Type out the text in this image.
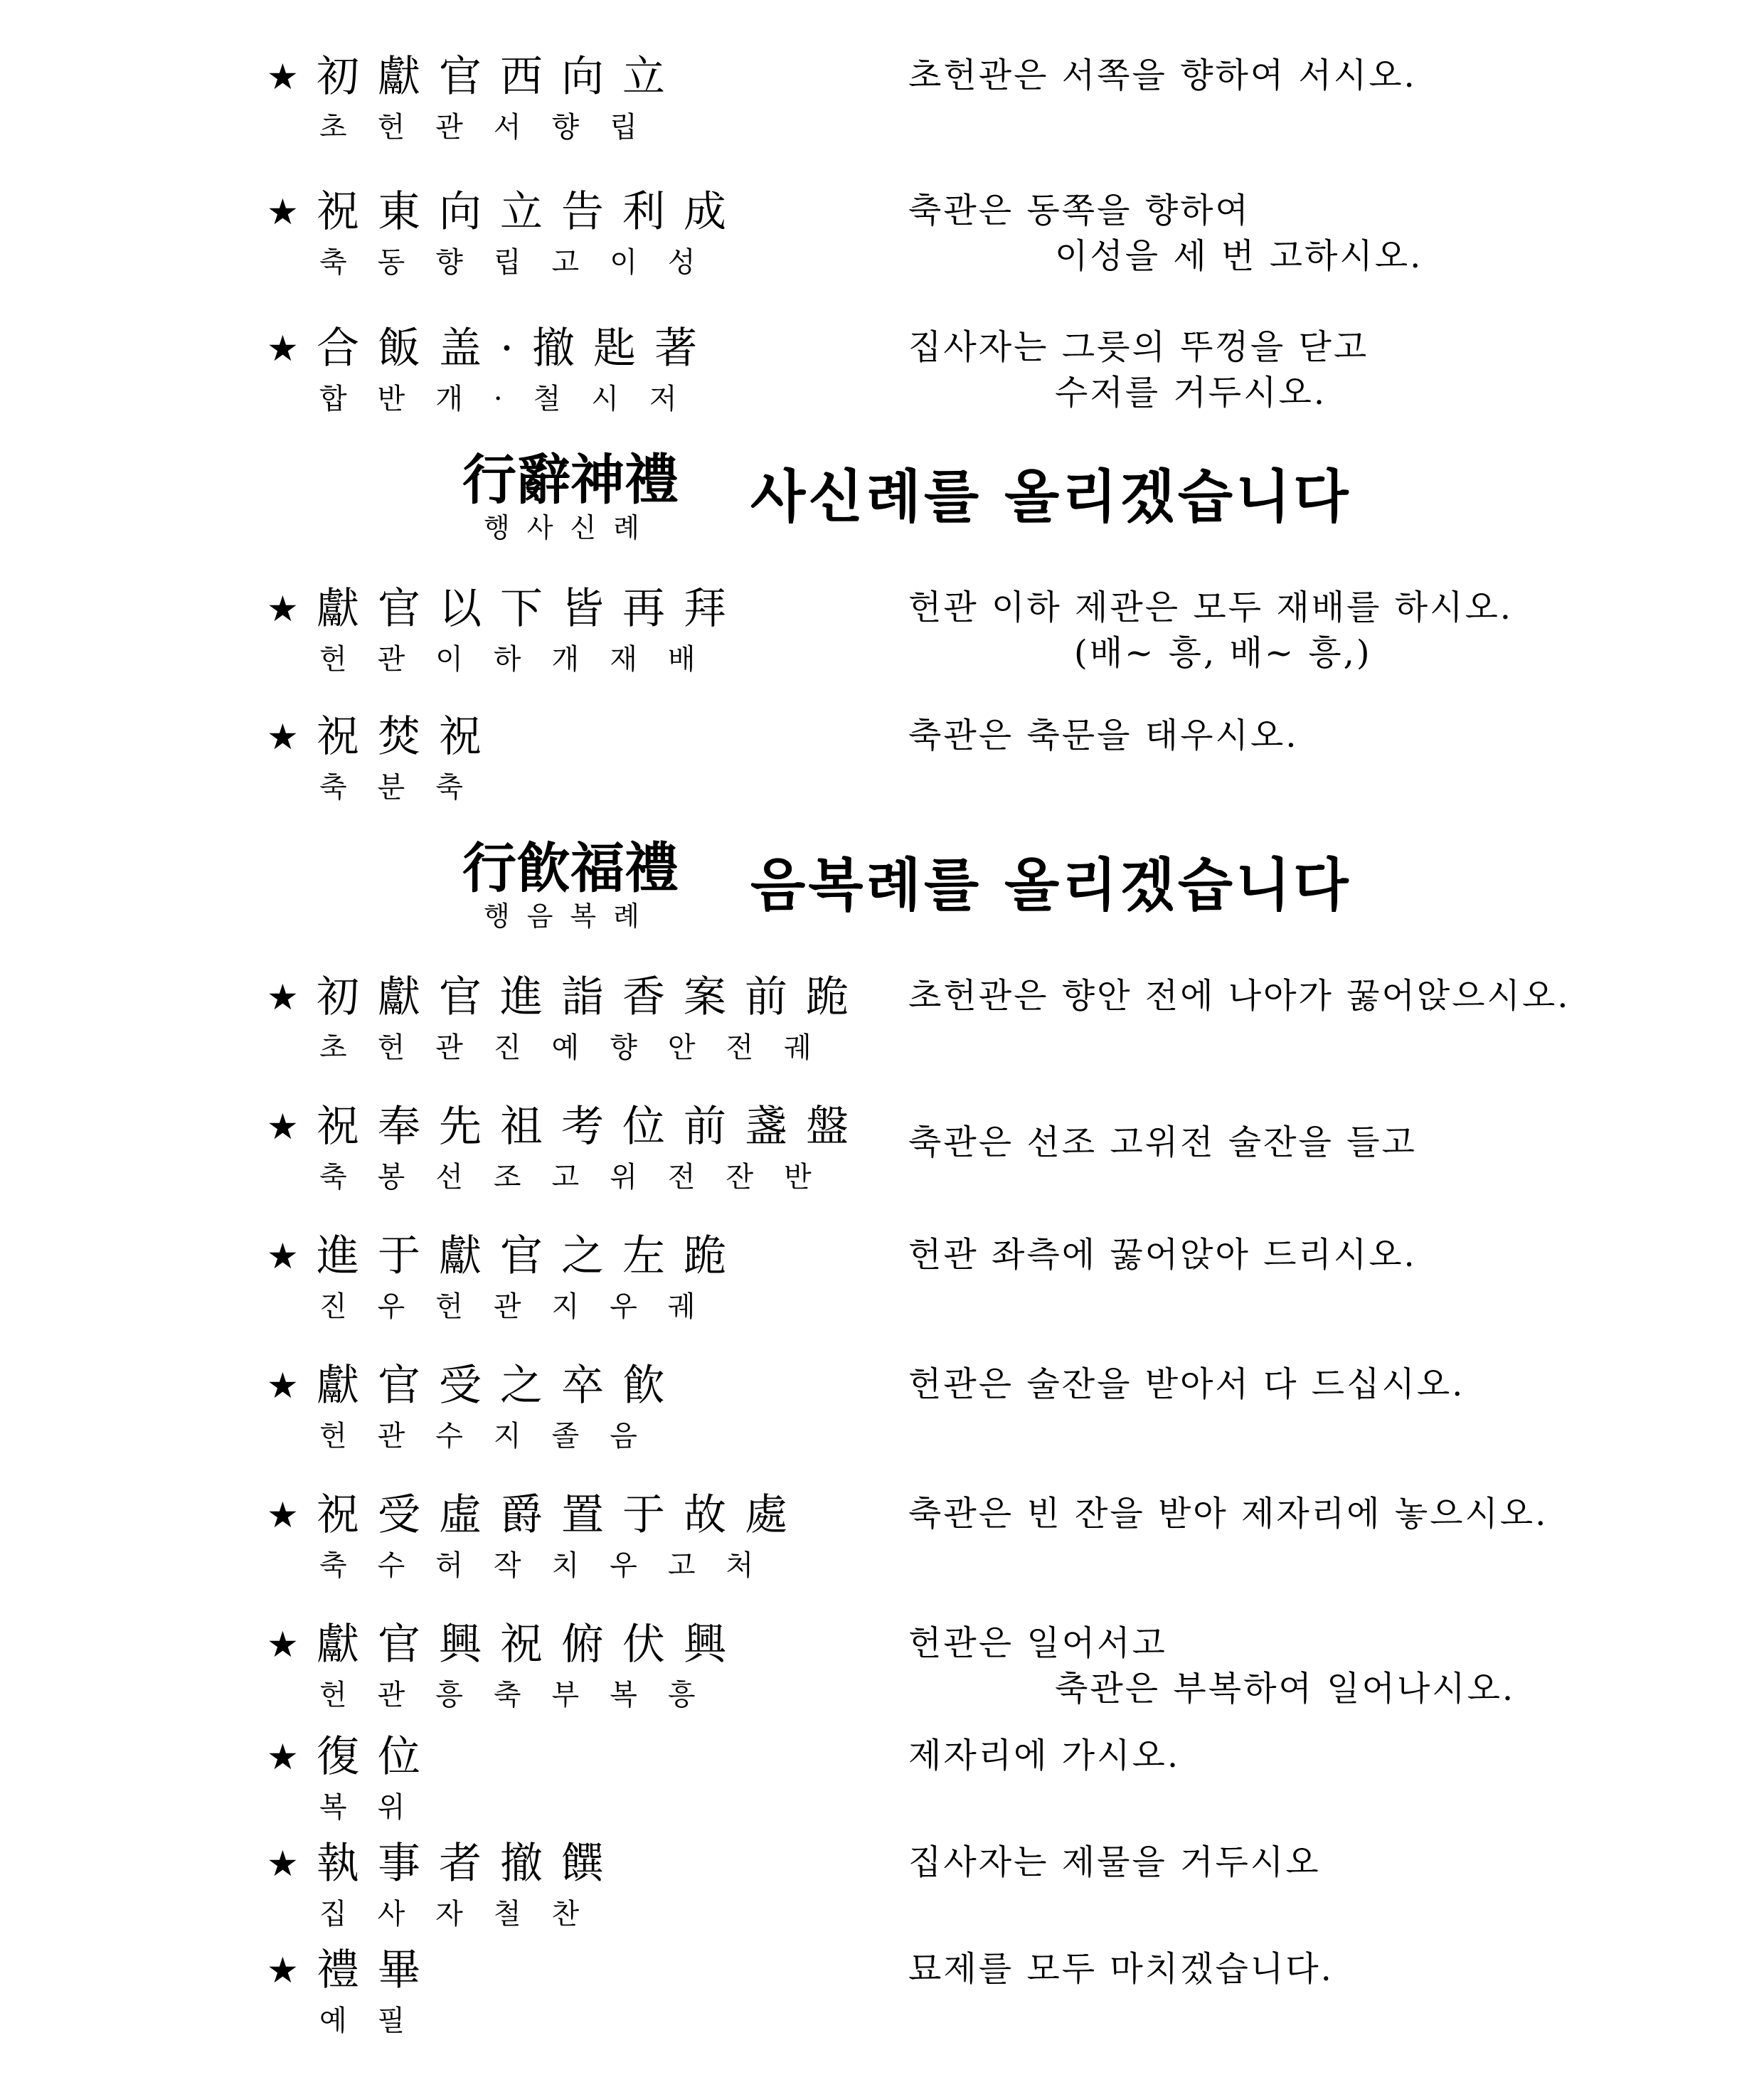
★ 初獻官西向立
초헌관서향립
초헌관은 서쪽을 향하여 서시오.
★ 祝東向立告利成
축동향립고이성
축관은 동쪽을 향하여
이성을 세 번 고하시오.
★ 合飯盖·撤匙著
합반개·철시저
집사자는 그릇의 뚜껑을 닫고
수저를 거두시오.
行辭神禮
행사신례 사신례를 올리겠습니다
★ 獻官以下皆再拜
헌관이하개재배
헌관 이하 제관은 모두 재배를 하시오.
(배~ 흥, 배~ 흥,)
★ 祝焚祝
축분축
축관은 축문을 태우시오.
行飮福禮
행음복례 음복례를 올리겠습니다
★ 初獻官進詣香案前跪
초헌관진예향안전궤
초헌관은 향안 전에 나아가 꿇어앉으시오.
★ 祝奉先祖考位前盞盤
축봉선조고위전잔반
축관은 선조 고위전 술잔을 들고
★ 進于獻官之左跪
진우헌관지우궤
헌관 좌측에 꿇어앉아 드리시오.
★ 獻官受之卒飮
헌관수지졸음
헌관은 술잔을 받아서 다 드십시오.
★ 祝受虛爵置于故處
축수허작치우고처
축관은 빈 잔을 받아 제자리에 놓으시오.
★ 獻官興祝俯伏興
헌관흥축부복흥
헌관은 일어서고
축관은 부복하여 일어나시오.
★ 復位
복위
제자리에 가시오.
★ 執事者撤饌
집사자철찬
집사자는 제물을 거두시오
★ 禮畢
예필
묘제를 모두 마치겠습니다.
